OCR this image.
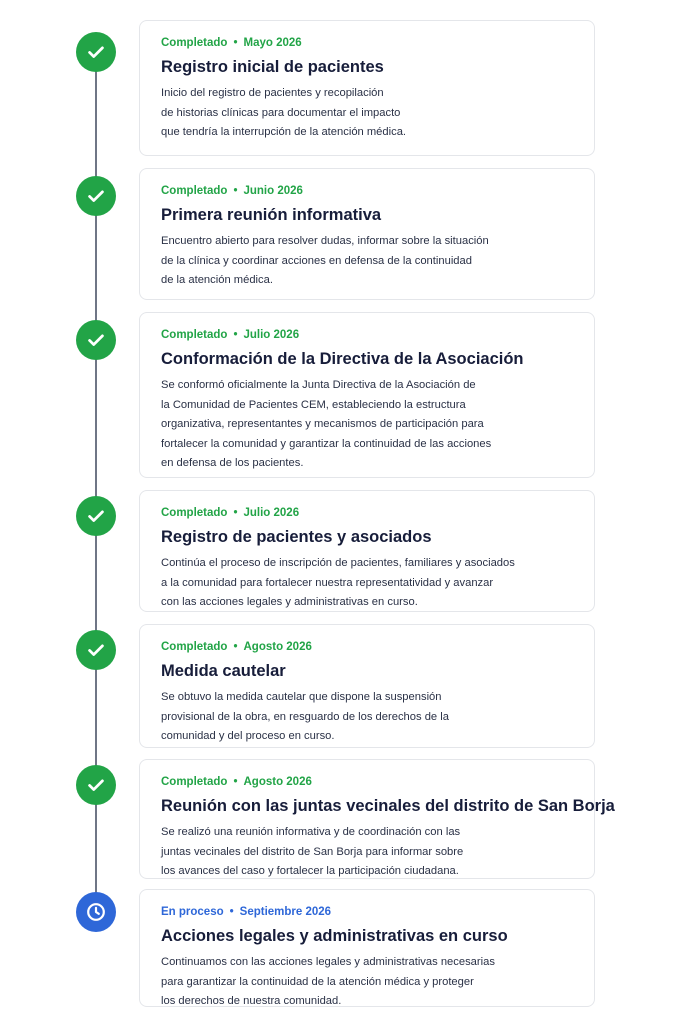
Completado • Mayo 2026
Registro inicial de pacientes
Inicio del registro de pacientes y recopilación
de historias clínicas para documentar el impacto
que tendría la interrupción de la atención médica.
Completado • Junio 2026
Primera reunión informativa
Encuentro abierto para resolver dudas, informar sobre la situación
de la clínica y coordinar acciones en defensa de la continuidad
de la atención médica.
Completado • Julio 2026
Conformación de la Directiva de la Asociación
Se conformó oficialmente la Junta Directiva de la Asociación de
la Comunidad de Pacientes CEM, estableciendo la estructura
organizativa, representantes y mecanismos de participación para
fortalecer la comunidad y garantizar la continuidad de las acciones
en defensa de los pacientes.
Completado • Julio 2026
Registro de pacientes y asociados
Continúa el proceso de inscripción de pacientes, familiares y asociados
a la comunidad para fortalecer nuestra representatividad y avanzar
con las acciones legales y administrativas en curso.
Completado • Agosto 2026
Medida cautelar
Se obtuvo la medida cautelar que dispone la suspensión
provisional de la obra, en resguardo de los derechos de la
comunidad y del proceso en curso.
Completado • Agosto 2026
Reunión con las juntas vecinales del distrito de San Borja
Se realizó una reunión informativa y de coordinación con las
juntas vecinales del distrito de San Borja para informar sobre
los avances del caso y fortalecer la participación ciudadana.
En proceso • Septiembre 2026
Acciones legales y administrativas en curso
Continuamos con las acciones legales y administrativas necesarias
para garantizar la continuidad de la atención médica y proteger
los derechos de nuestra comunidad.
